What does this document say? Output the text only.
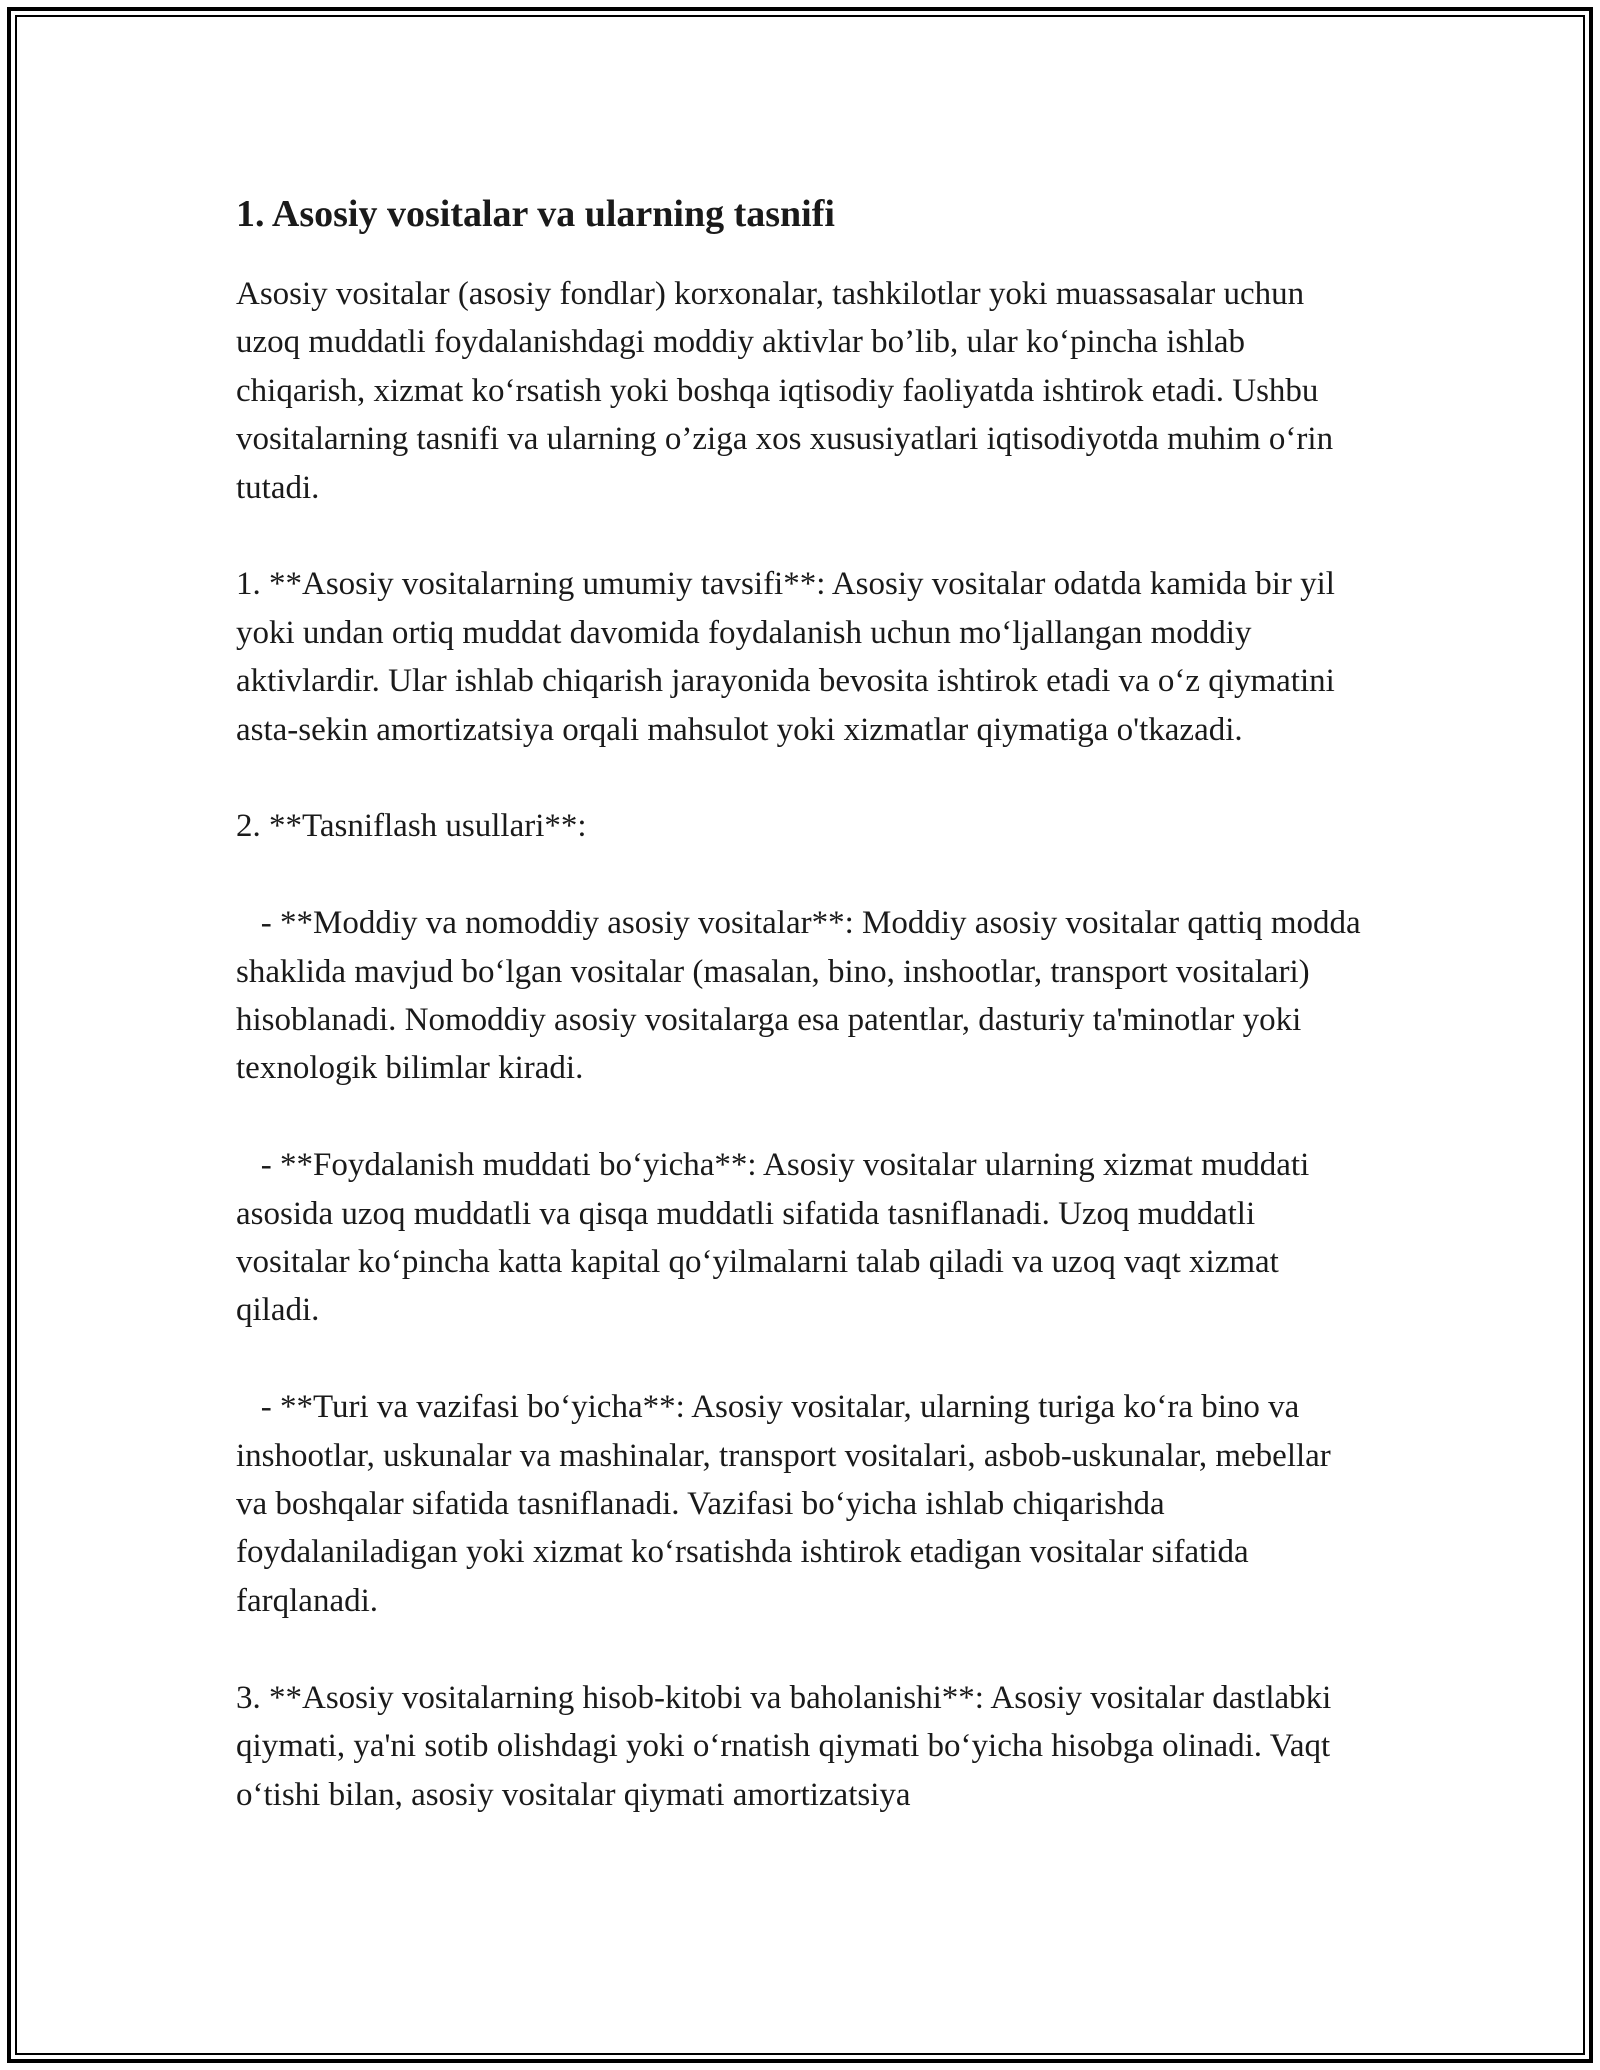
1. Asosiy vositalar va ularning tasnifi

Asosiy vositalar (asosiy fondlar) korxonalar, tashkilotlar yoki muassasalar uchun uzoq muddatli foydalanishdagi moddiy aktivlar bo’lib, ular ko‘pincha ishlab chiqarish, xizmat ko‘rsatish yoki boshqa iqtisodiy faoliyatda ishtirok etadi. Ushbu vositalarning tasnifi va ularning o’ziga xos xususiyatlari iqtisodiyotda muhim o‘rin tutadi.

1. **Asosiy vositalarning umumiy tavsifi**: Asosiy vositalar odatda kamida bir yil yoki undan ortiq muddat davomida foydalanish uchun mo‘ljallangan moddiy aktivlardir. Ular ishlab chiqarish jarayonida bevosita ishtirok etadi va o‘z qiymatini asta-sekin amortizatsiya orqali mahsulot yoki xizmatlar qiymatiga o'tkazadi.

2. **Tasniflash usullari**:

- **Moddiy va nomoddiy asosiy vositalar**: Moddiy asosiy vositalar qattiq modda shaklida mavjud bo‘lgan vositalar (masalan, bino, inshootlar, transport vositalari) hisoblanadi. Nomoddiy asosiy vositalarga esa patentlar, dasturiy ta'minotlar yoki texnologik bilimlar kiradi.

- **Foydalanish muddati bo‘yicha**: Asosiy vositalar ularning xizmat muddati asosida uzoq muddatli va qisqa muddatli sifatida tasniflanadi. Uzoq muddatli vositalar ko‘pincha katta kapital qo‘yilmalarni talab qiladi va uzoq vaqt xizmat qiladi.

- **Turi va vazifasi bo‘yicha**: Asosiy vositalar, ularning turiga ko‘ra bino va inshootlar, uskunalar va mashinalar, transport vositalari, asbob-uskunalar, mebellar va boshqalar sifatida tasniflanadi. Vazifasi bo‘yicha ishlab chiqarishda foydalaniladigan yoki xizmat ko‘rsatishda ishtirok etadigan vositalar sifatida farqlanadi.

3. **Asosiy vositalarning hisob-kitobi va baholanishi**: Asosiy vositalar dastlabki qiymati, ya'ni sotib olishdagi yoki o‘rnatish qiymati bo‘yicha hisobga olinadi. Vaqt o‘tishi bilan, asosiy vositalar qiymati amortizatsiya
